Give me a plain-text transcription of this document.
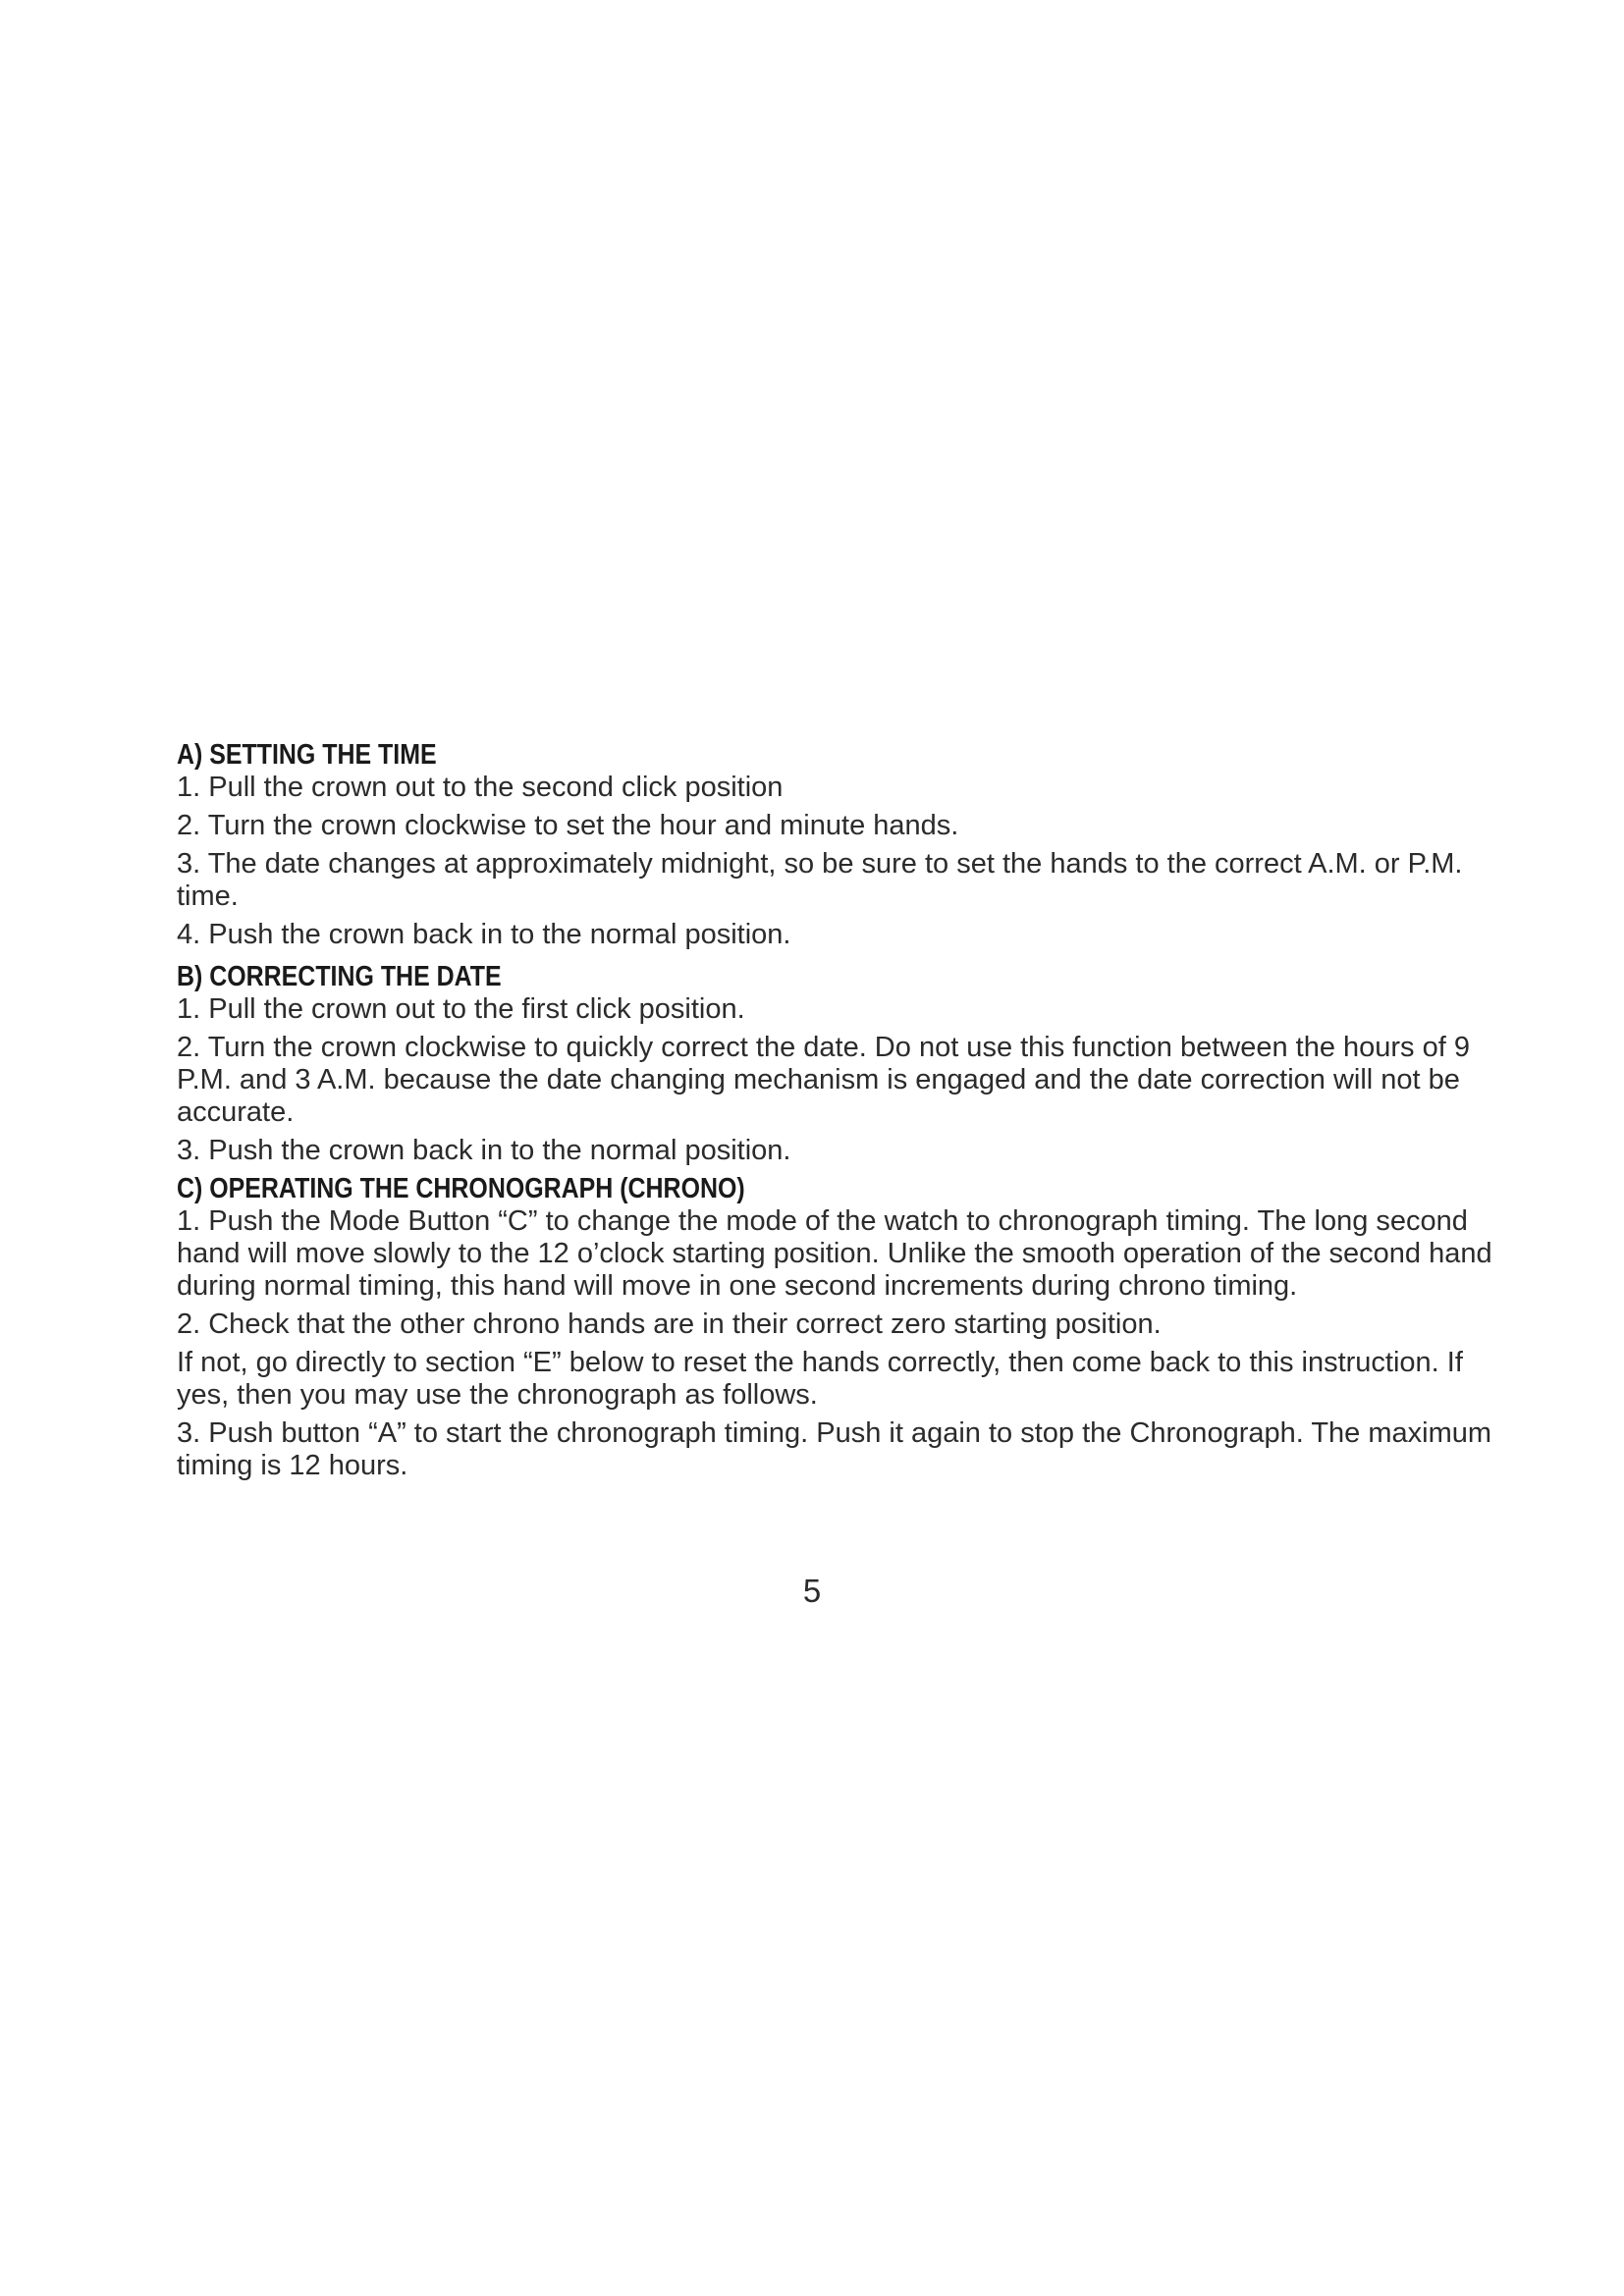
A) SETTING THE TIME

1. Pull the crown out to the second click position

2. Turn the crown clockwise to set the hour and minute hands.

3. The date changes at approximately midnight, so be sure to set the hands to the correct A.M. or P.M. time.

4. Push the crown back in to the normal position.

B) CORRECTING THE DATE

1. Pull the crown out to the first click position.

2. Turn the crown clockwise to quickly correct the date. Do not use this function between the hours of 9 P.M. and 3 A.M. because the date changing mechanism is engaged and the date correction will not be accurate.

3. Push the crown back in to the normal position.

C) OPERATING THE CHRONOGRAPH (CHRONO)

1. Push the Mode Button “C” to change the mode of the watch to chronograph timing. The long second hand will move slowly to the 12 o’clock starting position. Unlike the smooth operation of the second hand during normal timing, this hand will move in one second increments during chrono timing.

2. Check that the other chrono hands are in their correct zero starting position.

If not, go directly to section “E” below to reset the hands correctly, then come back to this instruction. If yes, then you may use the chronograph as follows.

3. Push button “A” to start the chronograph timing. Push it again to stop the Chronograph. The maximum timing is 12 hours.

5
